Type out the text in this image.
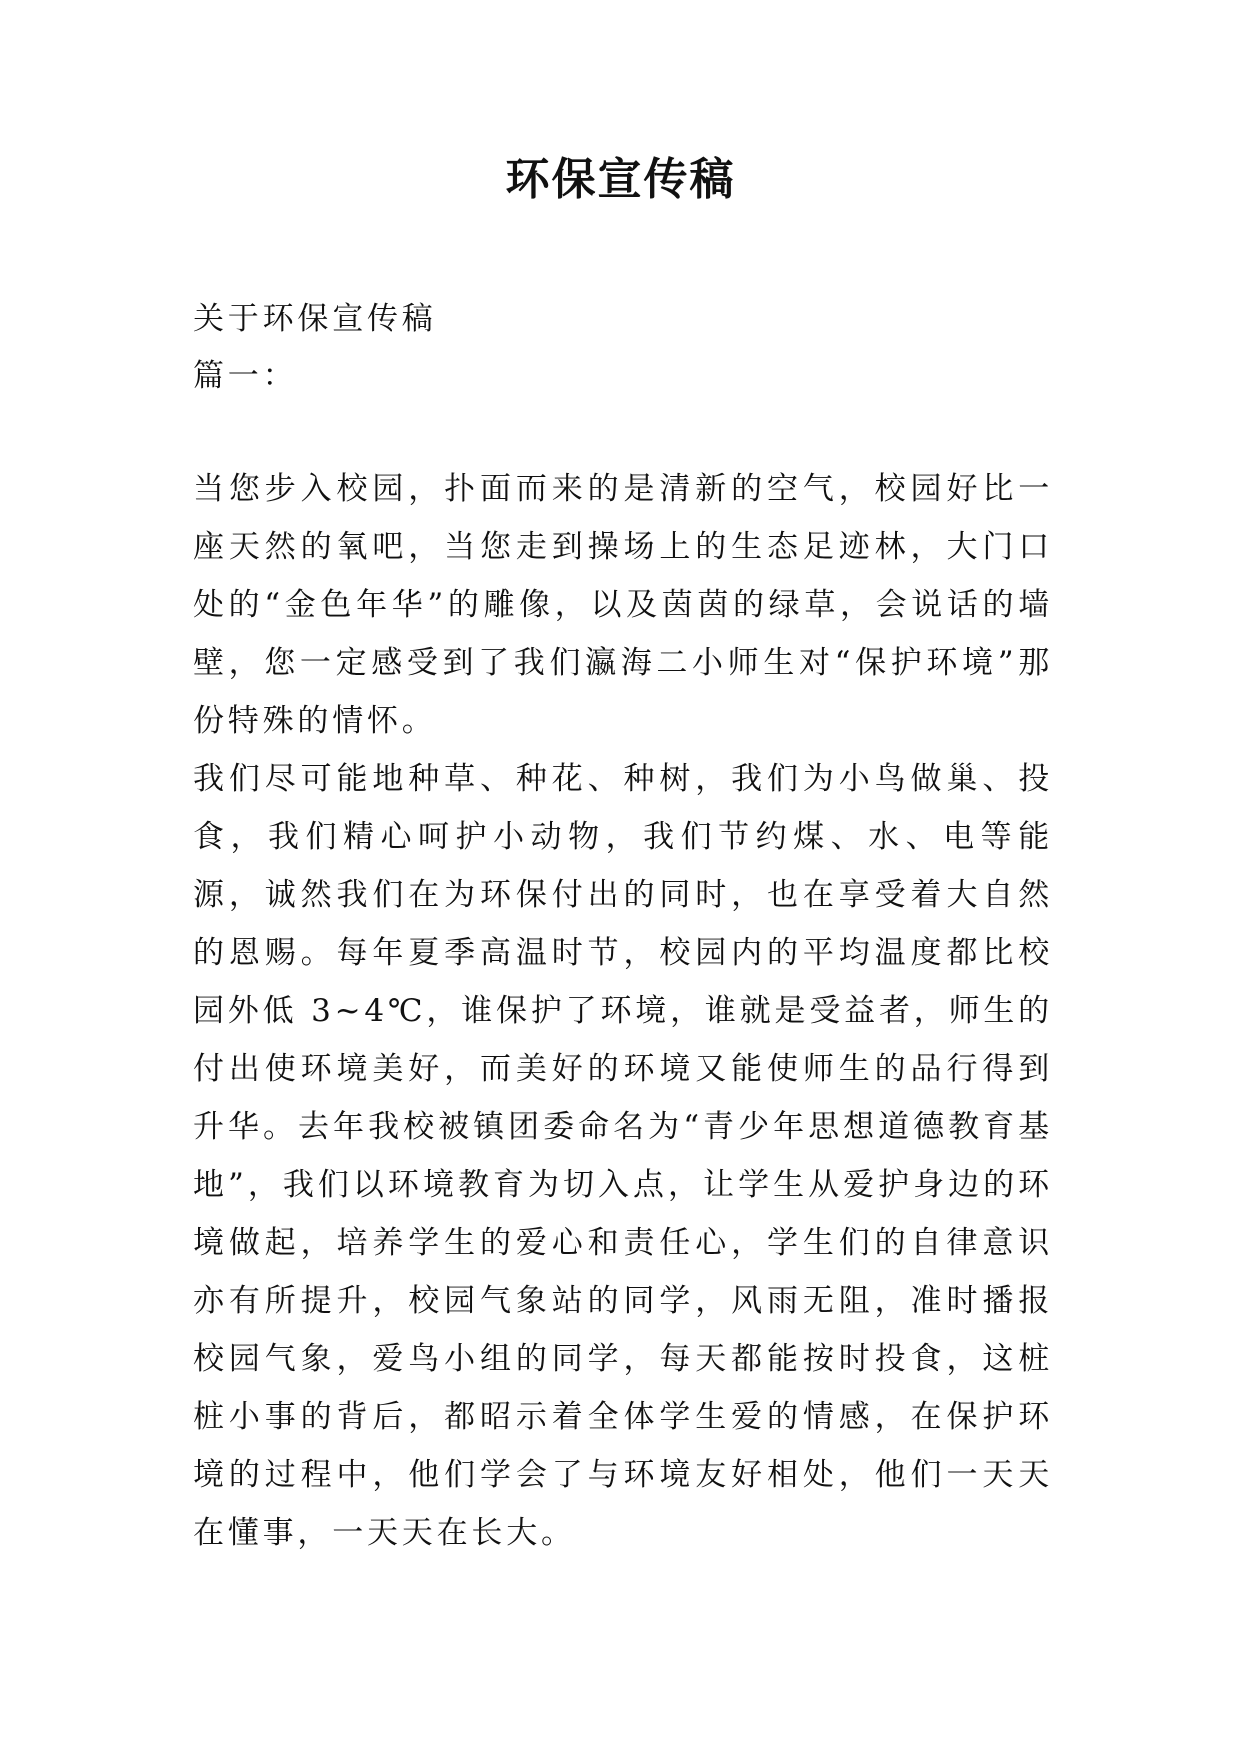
环保宣传稿

关于环保宣传稿

篇一：

当您步入校园，扑面而来的是清新的空气，校园好比一座天然的氧吧，当您走到操场上的生态足迹林，大门口处的“金色年华”的雕像，以及茵茵的绿草，会说话的墙壁，您一定感受到了我们瀛海二小师生对“保护环境”那份特殊的情怀。

我们尽可能地种草、种花、种树，我们为小鸟做巢、投食，我们精心呵护小动物，我们节约煤、水、电等能源，诚然我们在为环保付出的同时，也在享受着大自然的恩赐。每年夏季高温时节，校园内的平均温度都比校园外低 3~4℃，谁保护了环境，谁就是受益者，师生的付出使环境美好，而美好的环境又能使师生的品行得到升华。去年我校被镇团委命名为“青少年思想道德教育基地”，我们以环境教育为切入点，让学生从爱护身边的环境做起，培养学生的爱心和责任心，学生们的自律意识亦有所提升，校园气象站的同学，风雨无阻，准时播报校园气象，爱鸟小组的同学，每天都能按时投食，这桩桩小事的背后，都昭示着全体学生爱的情感，在保护环境的过程中，他们学会了与环境友好相处，他们一天天在懂事，一天天在长大。
